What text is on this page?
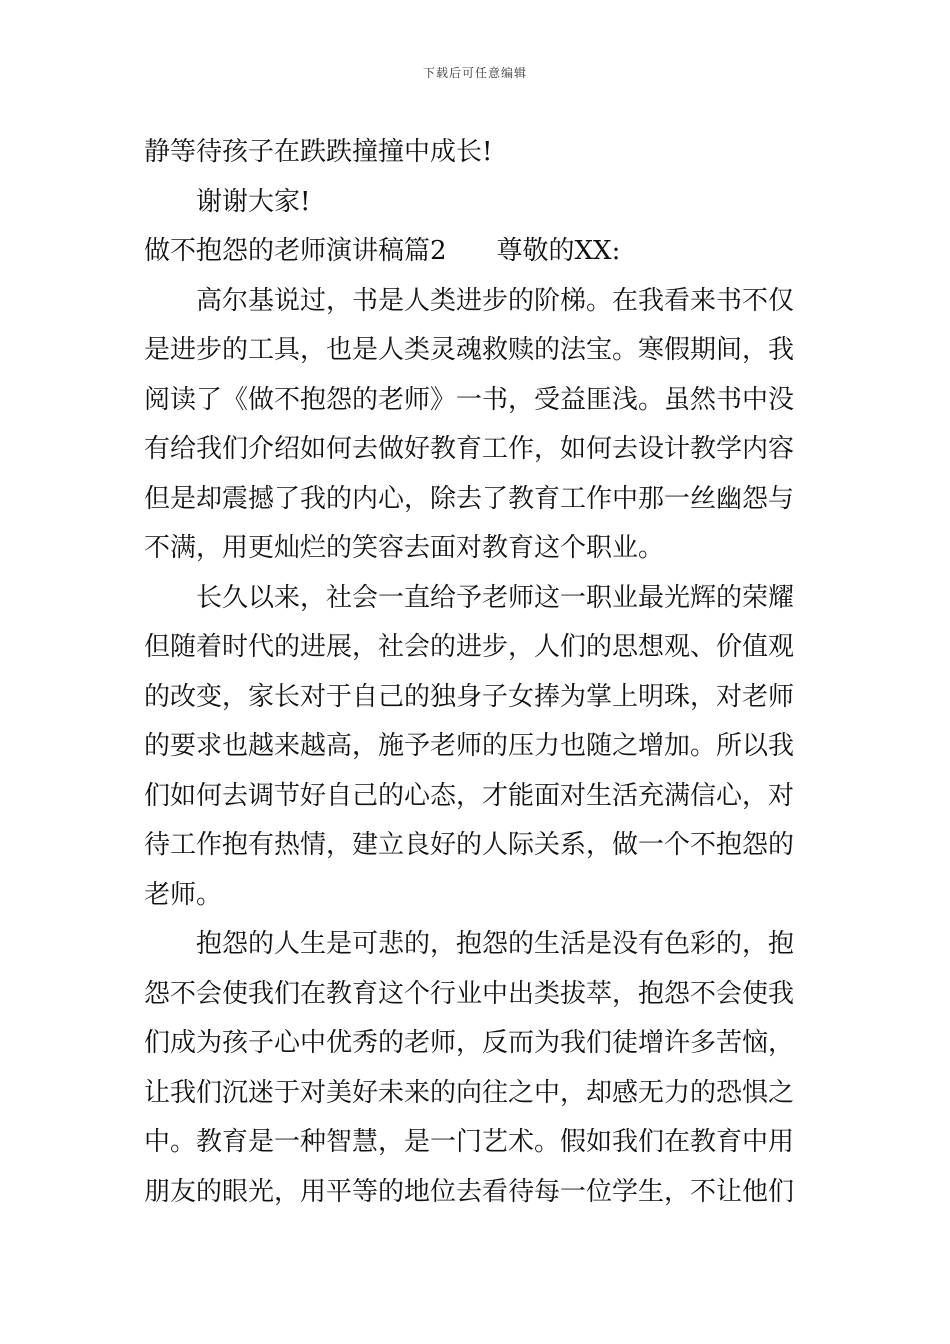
下载后可任意编辑
静等待孩子在跌跌撞撞中成长!
谢谢大家!
做不抱怨的老师演讲稿篇2 尊敬的XX:
高尔基说过，书是人类进步的阶梯。在我看来书不仅
是进步的工具，也是人类灵魂救赎的法宝。寒假期间，我
阅读了《做不抱怨的老师》一书，受益匪浅。虽然书中没
有给我们介绍如何去做好教育工作，如何去设计教学内容
但是却震撼了我的内心，除去了教育工作中那一丝幽怨与
不满，用更灿烂的笑容去面对教育这个职业。
长久以来，社会一直给予老师这一职业最光辉的荣耀
但随着时代的进展，社会的进步，人们的思想观、价值观
的改变，家长对于自己的独身子女捧为掌上明珠，对老师
的要求也越来越高，施予老师的压力也随之增加。所以我
们如何去调节好自己的心态，才能面对生活充满信心，对
待工作抱有热情，建立良好的人际关系，做一个不抱怨的
老师。
抱怨的人生是可悲的，抱怨的生活是没有色彩的，抱
怨不会使我们在教育这个行业中出类拔萃，抱怨不会使我
们成为孩子心中优秀的老师，反而为我们徒增许多苦恼，
让我们沉迷于对美好未来的向往之中，却感无力的恐惧之
中。教育是一种智慧，是一门艺术。假如我们在教育中用
朋友的眼光，用平等的地位去看待每一位学生，不让他们
